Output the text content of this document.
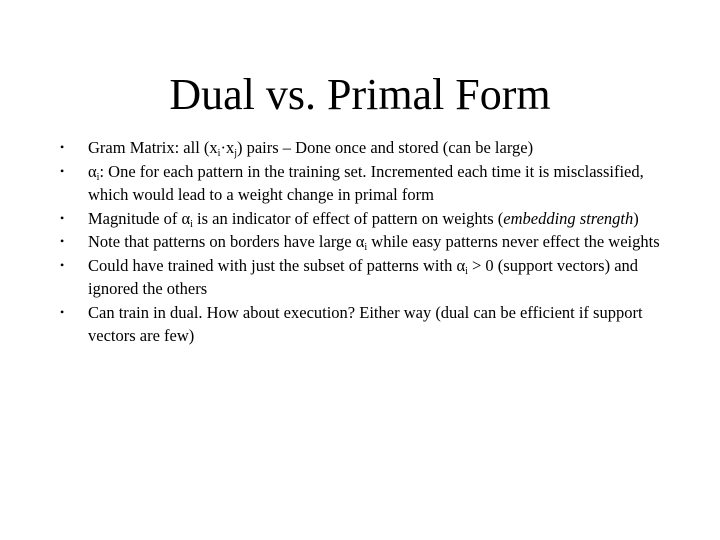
Dual vs. Primal Form
• Gram Matrix: all $(x_i\cdot x_j)$ pairs – Done once and stored (can be large)
• $\alpha_i$: One for each pattern in the training set. Incremented each time it is misclassified, which would lead to a weight change in primal form
• Magnitude of $\alpha_i$ is an indicator of effect of pattern on weights (embedding strength)
• Note that patterns on borders have large $\alpha_i$ while easy patterns never effect the weights
• Could have trained with just the subset of patterns with $\alpha_i > 0$ (support vectors) and ignored the others
• Can train in dual. How about execution? Either way (dual can be efficient if support vectors are few)
